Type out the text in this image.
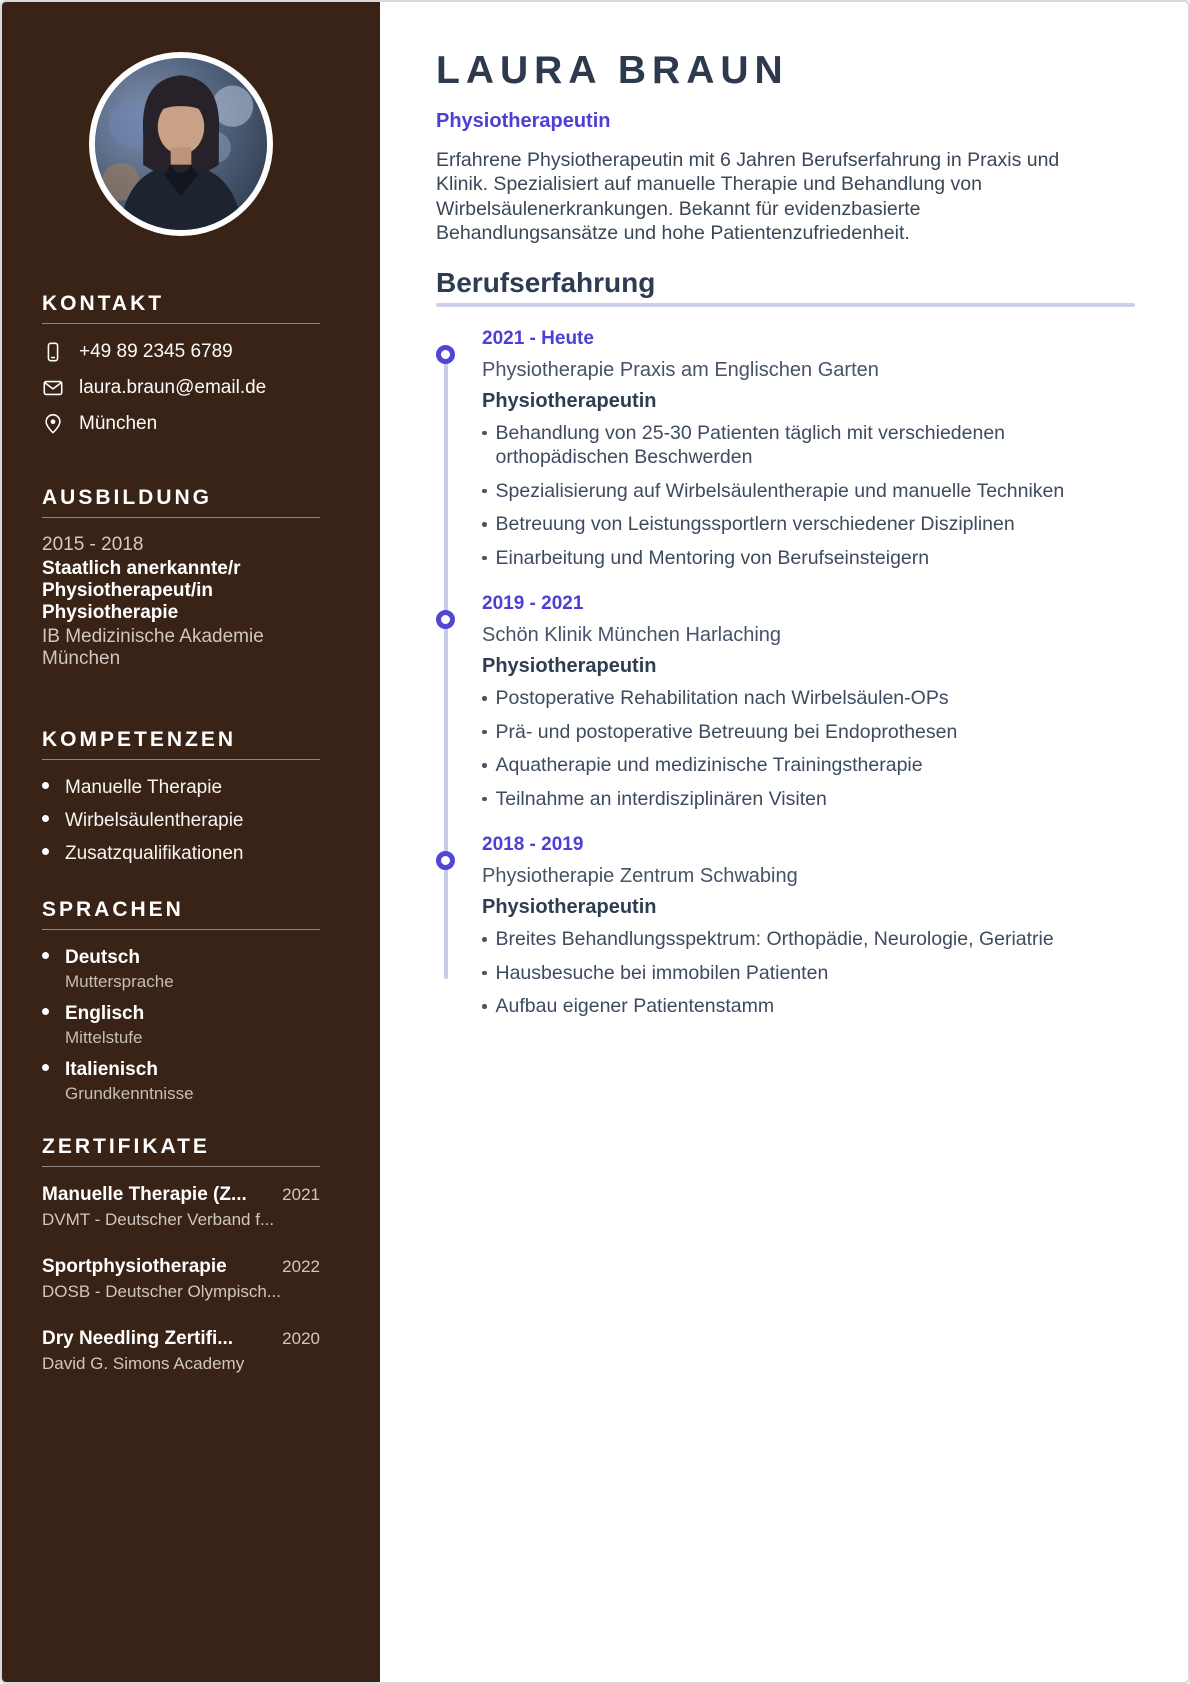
KONTAKT
+49 89 2345 6789
laura.braun@email.de
München
AUSBILDUNG
2015 - 2018
Staatlich anerkannte/r Physiotherapeut/in
Physiotherapie
IB Medizinische Akademie München
KOMPETENZEN
Manuelle Therapie
Wirbelsäulentherapie
Zusatzqualifikationen
SPRACHEN
Deutsch
Muttersprache
Englisch
Mittelstufe
Italienisch
Grundkenntnisse
ZERTIFIKATE
Manuelle Therapie (Z... 2021
DVMT - Deutscher Verband f...
Sportphysiotherapie	2022
DOSB - Deutscher Olympisch...
Dry Needling Zertifi...	2020
David G. Simons Academy
LAURA BRAUN
Physiotherapeutin

Erfahrene Physiotherapeutin mit 6 Jahren Berufserfahrung in Praxis und Klinik. Spezialisiert auf manuelle Therapie und Behandlung von Wirbelsäulenerkrankungen. Bekannt für evidenzbasierte Behandlungsansätze und hohe Patientenzufriedenheit.

Berufserfahrung
2021 - Heute
Physiotherapie Praxis am Englischen Garten
Physiotherapeutin
Behandlung von 25-30 Patienten täglich mit verschiedenen orthopädischen Beschwerden
Spezialisierung auf Wirbelsäulentherapie und manuelle Techniken
Betreuung von Leistungssportlern verschiedener Disziplinen
Einarbeitung und Mentoring von Berufseinsteigern
2019 - 2021
Schön Klinik München Harlaching
Physiotherapeutin
Postoperative Rehabilitation nach Wirbelsäulen-OPs
Prä- und postoperative Betreuung bei Endoprothesen
Aquatherapie und medizinische Trainingstherapie
Teilnahme an interdisziplinären Visiten
2018 - 2019
Physiotherapie Zentrum Schwabing
Physiotherapeutin
Breites Behandlungsspektrum: Orthopädie, Neurologie, Geriatrie
Hausbesuche bei immobilen Patienten
Aufbau eigener Patientenstamm
